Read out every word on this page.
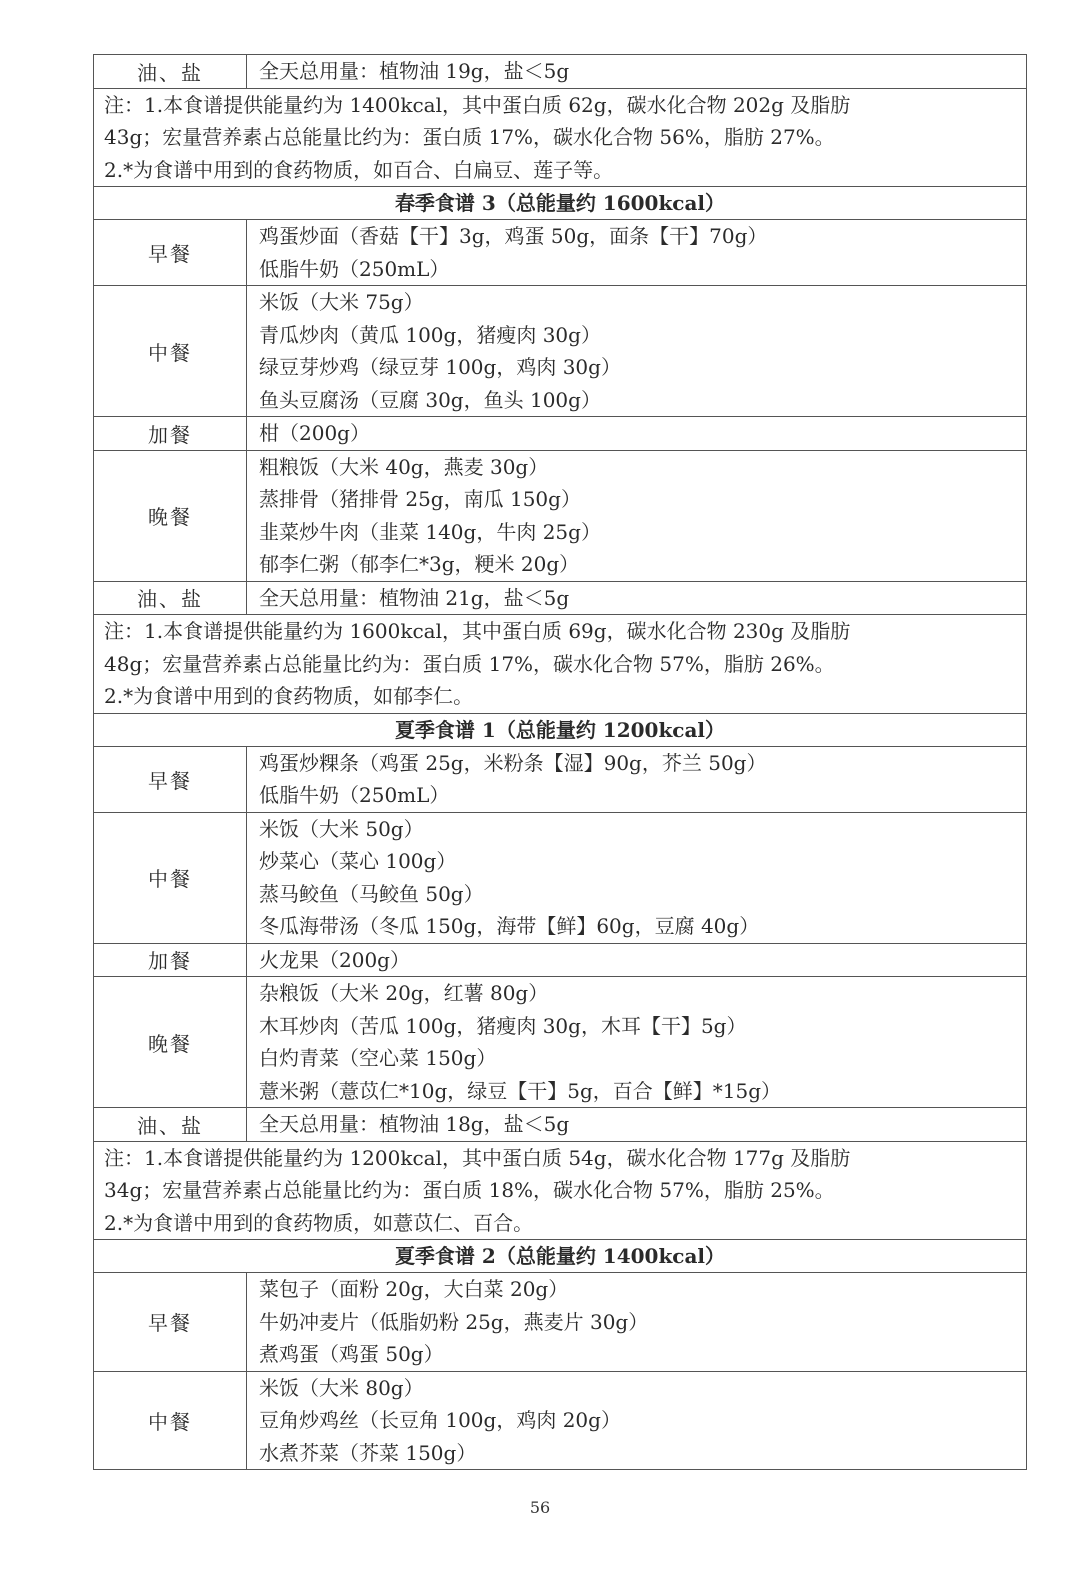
油、盐	全天总用量：植物油 19g，盐＜5g

注：1.本食谱提供能量约为 1400kcal，其中蛋白质 62g，碳水化合物 202g 及脂肪
43g；宏量营养素占总能量比约为：蛋白质 17%，碳水化合物 56%，脂肪 27%。
2.*为食谱中用到的食药物质，如百合、白扁豆、莲子等。	

春季食谱 3（总能量约 1600kcal）	
早餐	鸡蛋炒面（香菇【干】3g，鸡蛋 50g，面条【干】70g）
低脂牛奶（250mL）

中餐	米饭（大米 75g）
青瓜炒肉（黄瓜 100g，猪瘦肉 30g）
绿豆芽炒鸡（绿豆芽 100g，鸡肉 30g）
鱼头豆腐汤（豆腐 30g，鱼头 100g）

加餐	柑（200g）

晚餐	粗粮饭（大米 40g，燕麦 30g）
蒸排骨（猪排骨 25g，南瓜 150g）
韭菜炒牛肉（韭菜 140g，牛肉 25g）
郁李仁粥（郁李仁*3g，粳米 20g）

油、盐	全天总用量：植物油 21g，盐＜5g

注：1.本食谱提供能量约为 1600kcal，其中蛋白质 69g，碳水化合物 230g 及脂肪
48g；宏量营养素占总能量比约为：蛋白质 17%，碳水化合物 57%，脂肪 26%。
2.*为食谱中用到的食药物质，如郁李仁。	

夏季食谱 1（总能量约 1200kcal）	
早餐	鸡蛋炒粿条（鸡蛋 25g，米粉条【湿】90g，芥兰 50g）
低脂牛奶（250mL）

中餐	米饭（大米 50g）
炒菜心（菜心 100g）
蒸马鲛鱼（马鲛鱼 50g）
冬瓜海带汤（冬瓜 150g，海带【鲜】60g，豆腐 40g）

加餐	火龙果（200g）

晚餐	杂粮饭（大米 20g，红薯 80g）
木耳炒肉（苦瓜 100g，猪瘦肉 30g，木耳【干】5g）
白灼青菜（空心菜 150g）
薏米粥（薏苡仁*10g，绿豆【干】5g，百合【鲜】*15g）

油、盐	全天总用量：植物油 18g，盐＜5g

注：1.本食谱提供能量约为 1200kcal，其中蛋白质 54g，碳水化合物 177g 及脂肪
34g；宏量营养素占总能量比约为：蛋白质 18%，碳水化合物 57%，脂肪 25%。
2.*为食谱中用到的食药物质，如薏苡仁、百合。	

夏季食谱 2（总能量约 1400kcal）	
早餐	菜包子（面粉 20g，大白菜 20g）
牛奶冲麦片（低脂奶粉 25g，燕麦片 30g）
煮鸡蛋（鸡蛋 50g）

中餐	米饭（大米 80g）
豆角炒鸡丝（长豆角 100g，鸡肉 20g）
水煮芥菜（芥菜 150g）
56
